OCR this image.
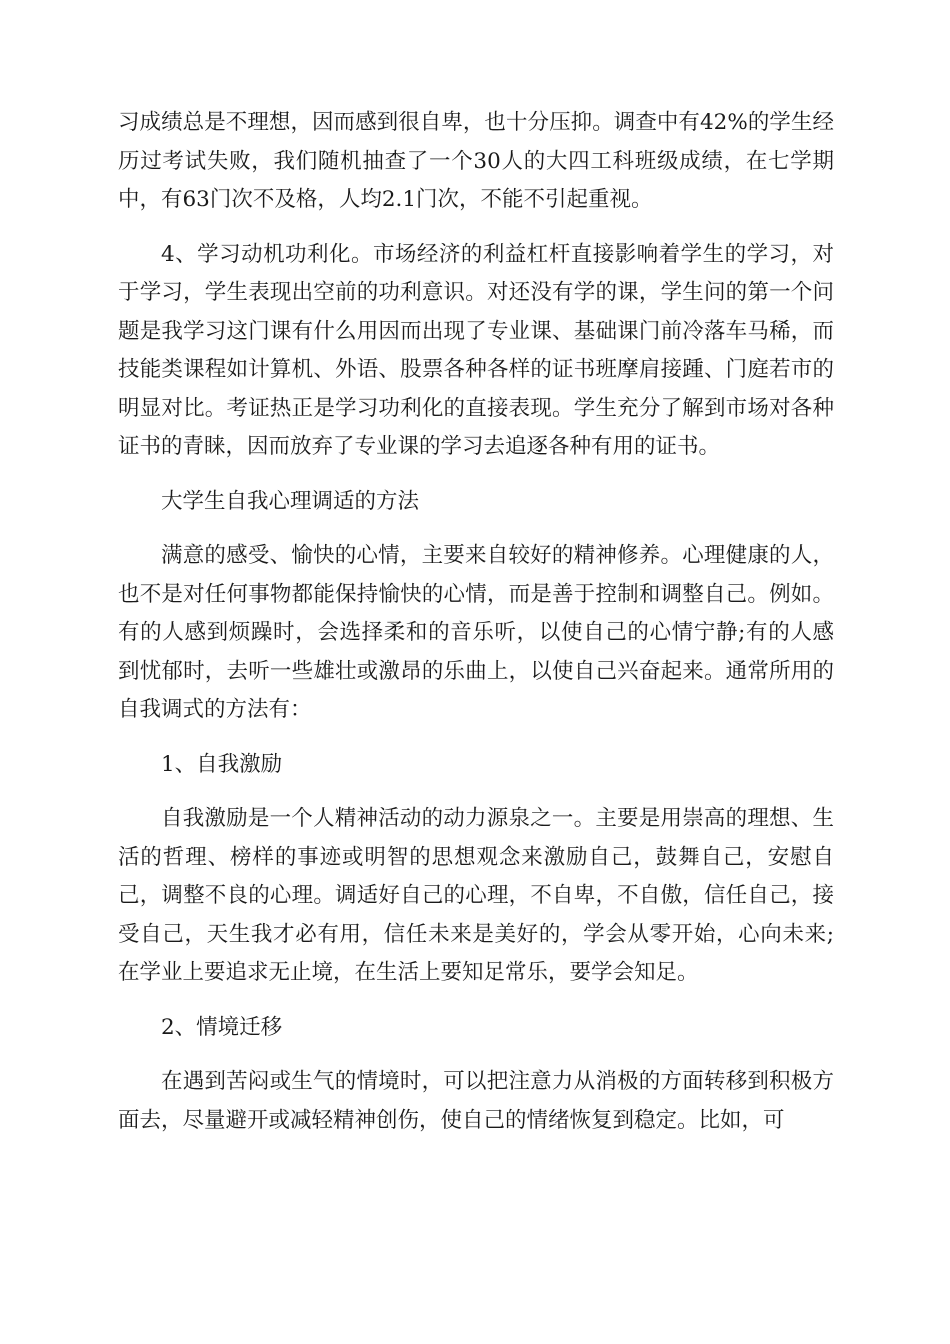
习成绩总是不理想，因而感到很自卑，也十分压抑。调查中有42%的学生经历过考试失败，我们随机抽查了一个30人的大四工科班级成绩，在七学期中，有63门次不及格，人均2.1门次，不能不引起重视。

4、学习动机功利化。市场经济的利益杠杆直接影响着学生的学习，对于学习，学生表现出空前的功利意识。对还没有学的课，学生问的第一个问题是我学习这门课有什么用因而出现了专业课、基础课门前冷落车马稀，而技能类课程如计算机、外语、股票各种各样的证书班摩肩接踵、门庭若市的明显对比。考证热正是学习功利化的直接表现。学生充分了解到市场对各种证书的青睐，因而放弃了专业课的学习去追逐各种有用的证书。

大学生自我心理调适的方法

满意的感受、愉快的心情，主要来自较好的精神修养。心理健康的人，也不是对任何事物都能保持愉快的心情，而是善于控制和调整自己。例如。有的人感到烦躁时，会选择柔和的音乐听，以使自己的心情宁静;有的人感到忧郁时，去听一些雄壮或激昂的乐曲上，以使自己兴奋起来。通常所用的自我调式的方法有：

1、自我激励

自我激励是一个人精神活动的动力源泉之一。主要是用崇高的理想、生活的哲理、榜样的事迹或明智的思想观念来激励自己，鼓舞自己，安慰自己，调整不良的心理。调适好自己的心理，不自卑，不自傲，信任自己，接受自己，天生我才必有用，信任未来是美好的，学会从零开始，心向未来;在学业上要追求无止境，在生活上要知足常乐，要学会知足。

2、情境迁移

在遇到苦闷或生气的情境时，可以把注意力从消极的方面转移到积极方面去，尽量避开或减轻精神创伤，使自己的情绪恢复到稳定。比如，可
